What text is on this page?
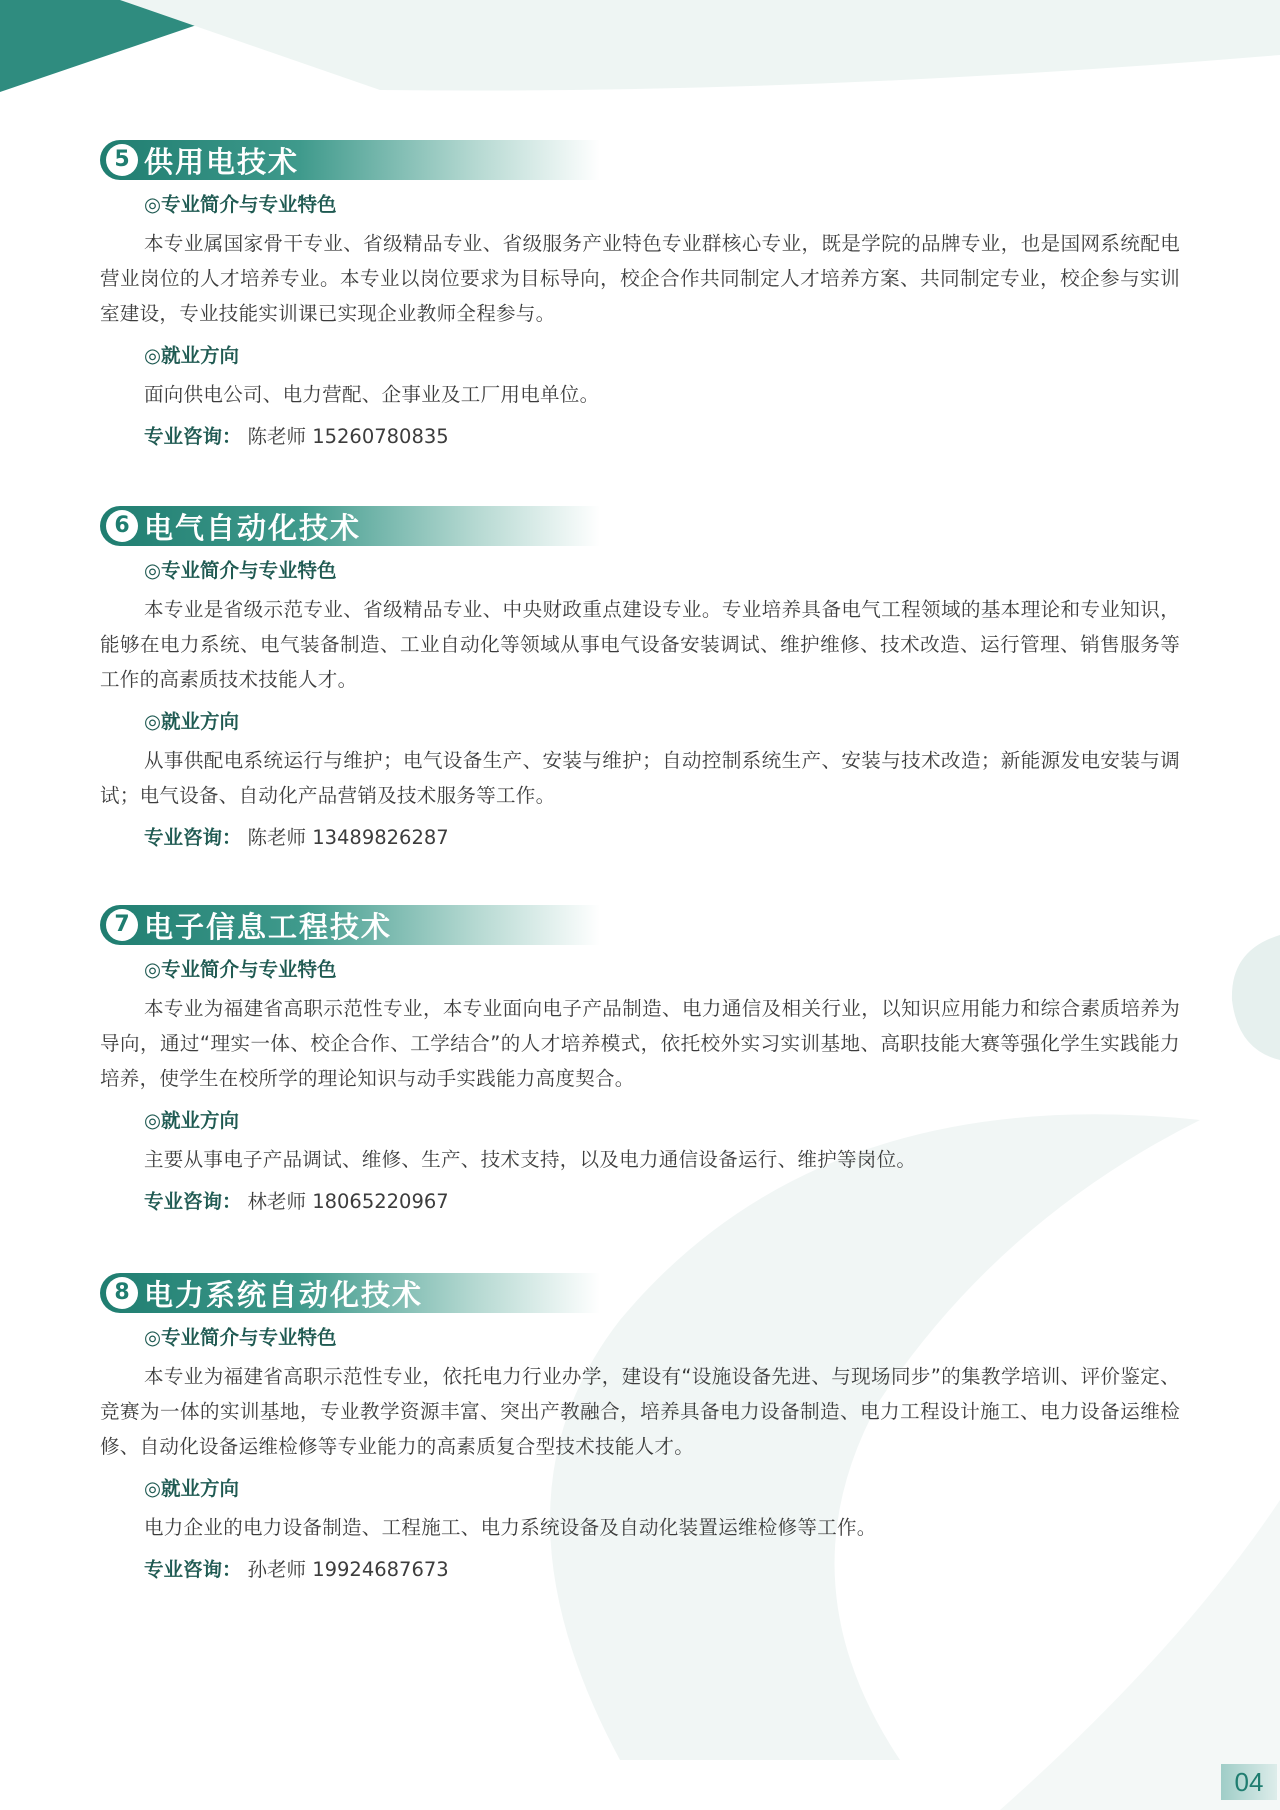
5 供用电技术
◎专业简介与专业特色
本专业属国家骨干专业、省级精品专业、省级服务产业特色专业群核心专业，既是学院的品牌专业，也是国网系统配电营业岗位的人才培养专业。本专业以岗位要求为目标导向，校企合作共同制定人才培养方案、共同制定专业，校企参与实训室建设，专业技能实训课已实现企业教师全程参与。
◎就业方向
面向供电公司、电力营配、企事业及工厂用电单位。
专业咨询： 陈老师 15260780835
6 电气自动化技术
◎专业简介与专业特色
本专业是省级示范专业、省级精品专业、中央财政重点建设专业。专业培养具备电气工程领域的基本理论和专业知识，能够在电力系统、电气装备制造、工业自动化等领域从事电气设备安装调试、维护维修、技术改造、运行管理、销售服务等工作的高素质技术技能人才。
◎就业方向
从事供配电系统运行与维护；电气设备生产、安装与维护；自动控制系统生产、安装与技术改造；新能源发电安装与调试；电气设备、自动化产品营销及技术服务等工作。
专业咨询： 陈老师 13489826287
7 电子信息工程技术
◎专业简介与专业特色
本专业为福建省高职示范性专业，本专业面向电子产品制造、电力通信及相关行业，以知识应用能力和综合素质培养为导向，通过“理实一体、校企合作、工学结合”的人才培养模式，依托校外实习实训基地、高职技能大赛等强化学生实践能力培养，使学生在校所学的理论知识与动手实践能力高度契合。
◎就业方向
主要从事电子产品调试、维修、生产、技术支持，以及电力通信设备运行、维护等岗位。
专业咨询： 林老师 18065220967
8 电力系统自动化技术
◎专业简介与专业特色
本专业为福建省高职示范性专业，依托电力行业办学，建设有“设施设备先进、与现场同步”的集教学培训、评价鉴定、竞赛为一体的实训基地，专业教学资源丰富、突出产教融合，培养具备电力设备制造、电力工程设计施工、电力设备运维检修、自动化设备运维检修等专业能力的高素质复合型技术技能人才。
◎就业方向
电力企业的电力设备制造、工程施工、电力系统设备及自动化装置运维检修等工作。
专业咨询： 孙老师 19924687673
04
